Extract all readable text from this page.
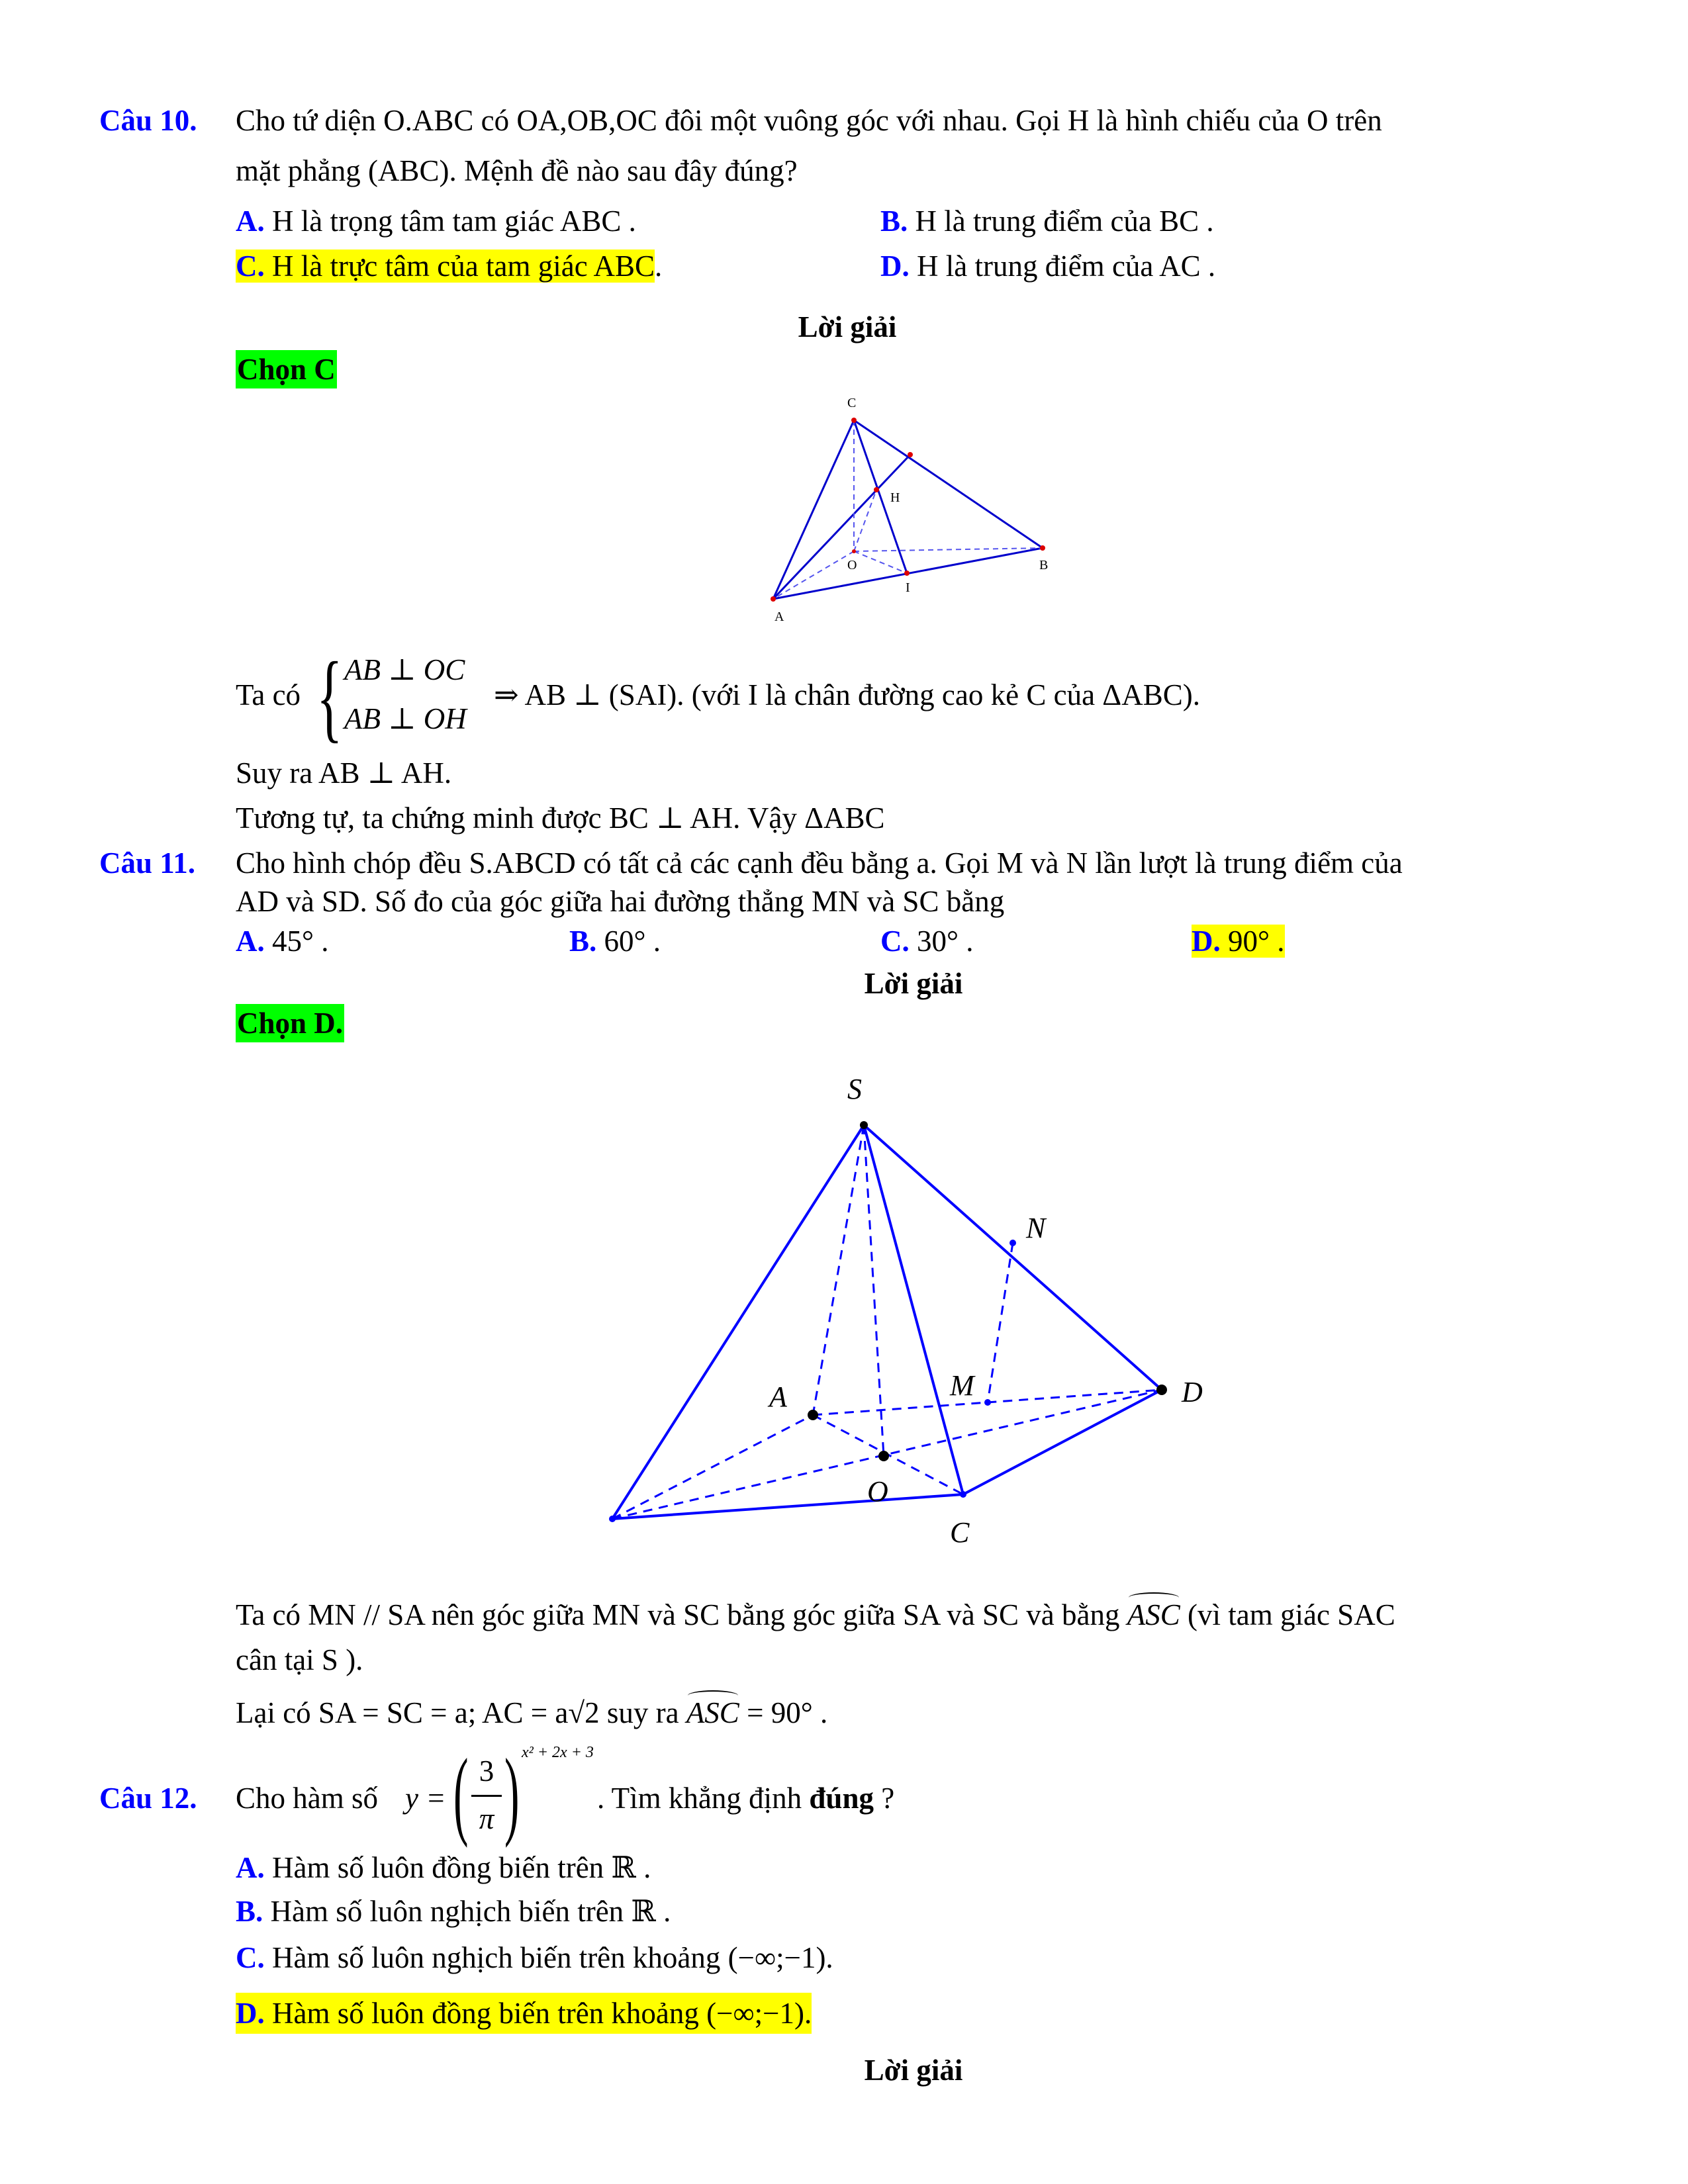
Câu 10. Cho tứ diện O.ABC có OA,OB,OC đôi một vuông góc với nhau. Gọi H là hình chiếu của O trên
mặt phẳng (ABC). Mệnh đề nào sau đây đúng?
A. H là trọng tâm tam giác ABC .	B. H là trung điểm của BC .
C. H là trực tâm của tam giác ABC.	D. H là trung điểm của AC .
Lời giải
Chọn C
C
H
O	B
I
A
Ta có { AB ⊥ OC
AB ⊥ OH
⇒ AB ⊥ (SAI). (với I là chân đường cao kẻ C của ΔABC).
Suy ra AB ⊥ AH.
Tương tự, ta chứng minh được BC ⊥ AH. Vậy ΔABC
Câu 11. Cho hình chóp đều S.ABCD có tất cả các cạnh đều bằng a. Gọi M và N lần lượt là trung điểm của
AD và SD. Số đo của góc giữa hai đường thẳng MN và SC bằng
A. 45° .	B. 60° .	C. 30° .	D. 90° .
Lời giải
Chọn D.
S
N
A	M	D
O
C
Ta có MN // SA nên góc giữa MN và SC bằng góc giữa SA và SC và bằng ASC (vì tam giác SAC
cân tại S ).
Lại có SA = SC = a; AC = a√2 suy ra ASC = 90° .
Câu 12. Cho hàm số y = ( 3
π ) x² + 2x + 3
. Tìm khẳng định đúng ?
A. Hàm số luôn đồng biến trên ℝ .
B. Hàm số luôn nghịch biến trên ℝ .
C. Hàm số luôn nghịch biến trên khoảng (−∞;−1).
D. Hàm số luôn đồng biến trên khoảng (−∞;−1).
Lời giải
